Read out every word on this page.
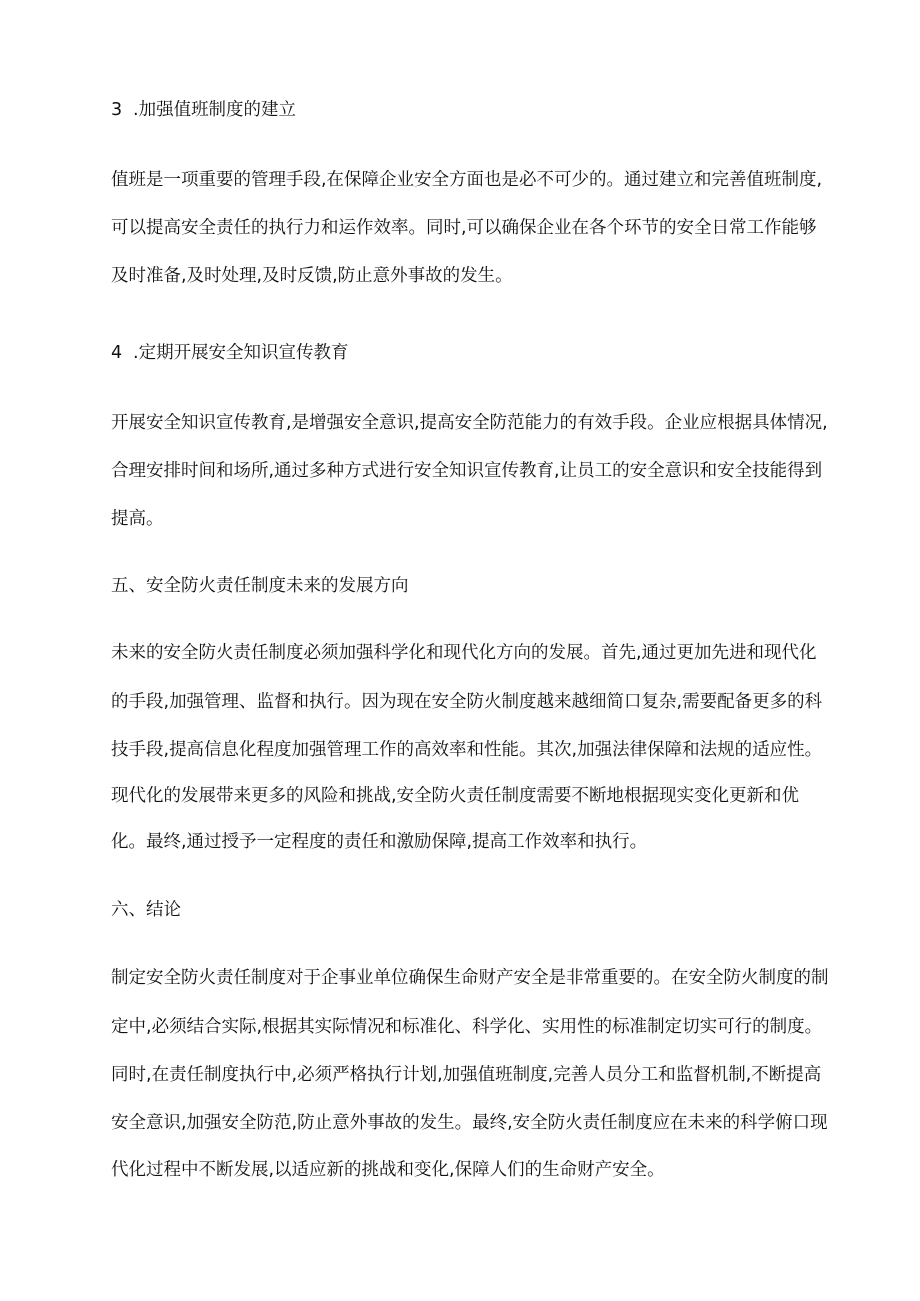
3 .加强值班制度的建立
值班是一项重要的管理手段,在保障企业安全方面也是必不可少的。通过建立和完善值班制度,
可以提高安全责任的执行力和运作效率。同时,可以确保企业在各个环节的安全日常工作能够
及时准备,及时处理,及时反馈,防止意外事故的发生。
4 .定期开展安全知识宣传教育
开展安全知识宣传教育,是增强安全意识,提高安全防范能力的有效手段。企业应根据具体情况,
合理安排时间和场所,通过多种方式进行安全知识宣传教育,让员工的安全意识和安全技能得到
提高。
五、安全防火责任制度未来的发展方向
未来的安全防火责任制度必须加强科学化和现代化方向的发展。首先,通过更加先进和现代化
的手段,加强管理、监督和执行。因为现在安全防火制度越来越细简口复杂,需要配备更多的科
技手段,提高信息化程度加强管理工作的高效率和性能。其次,加强法律保障和法规的适应性。
现代化的发展带来更多的风险和挑战,安全防火责任制度需要不断地根据现实变化更新和优
化。最终,通过授予一定程度的责任和激励保障,提高工作效率和执行。
六、结论
制定安全防火责任制度对于企事业单位确保生命财产安全是非常重要的。在安全防火制度的制
定中,必须结合实际,根据其实际情况和标准化、科学化、实用性的标准制定切实可行的制度。
同时,在责任制度执行中,必须严格执行计划,加强值班制度,完善人员分工和监督机制,不断提高
安全意识,加强安全防范,防止意外事故的发生。最终,安全防火责任制度应在未来的科学俯口现
代化过程中不断发展,以适应新的挑战和变化,保障人们的生命财产安全。
